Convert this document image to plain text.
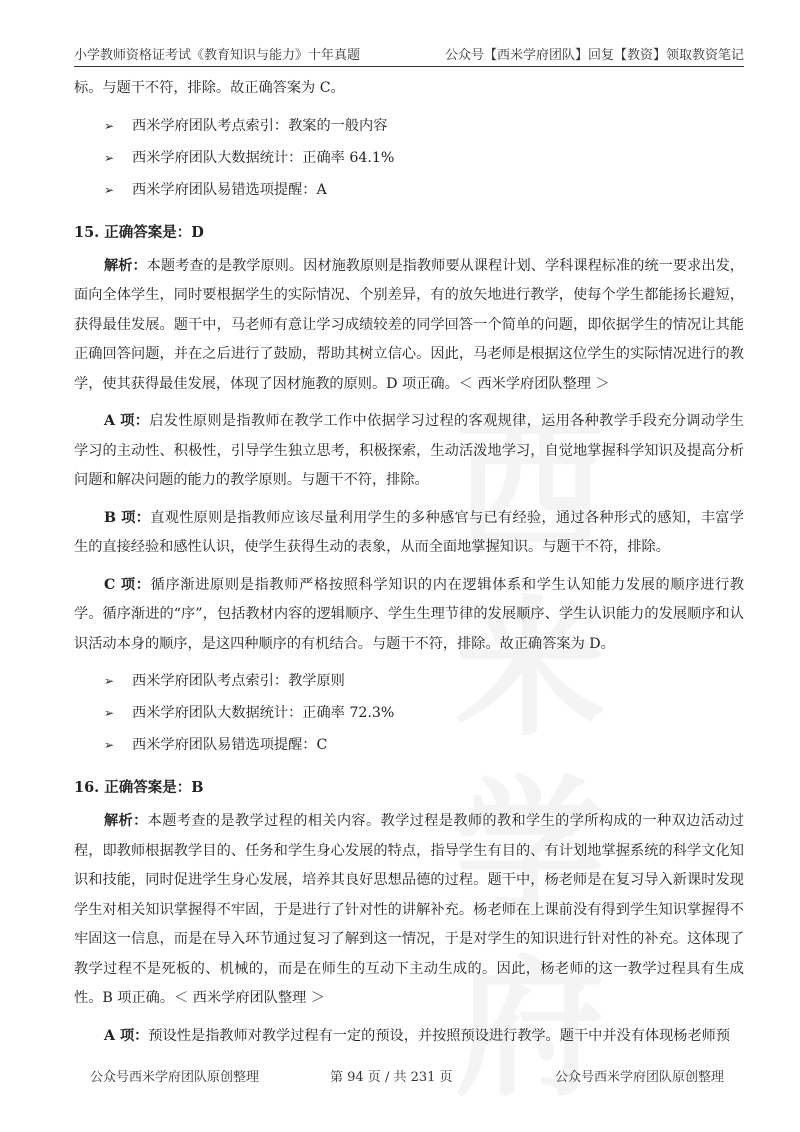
小学教师资格证考试《教育知识与能力》十年真题	公众号【西米学府团队】回复【教资】领取教资笔记
西米学府

标。与题干不符，排除。故正确答案为 C。

➢ 西米学府团队考点索引：教案的一般内容
➢ 西米学府团队大数据统计：正确率 64.1%
➢ 西米学府团队易错选项提醒：A
15. 正确答案是：D

解析：本题考查的是教学原则。因材施教原则是指教师要从课程计划、学科课程标准的统一要求出发，面向全体学生，同时要根据学生的实际情况、个别差异，有的放矢地进行教学，使每个学生都能扬长避短，获得最佳发展。题干中，马老师有意让学习成绩较差的同学回答一个简单的问题，即依据学生的情况让其能正确回答问题，并在之后进行了鼓励，帮助其树立信心。因此，马老师是根据这位学生的实际情况进行的教学，使其获得最佳发展，体现了因材施教的原则。D 项正确。＜ 西米学府团队整理 ＞

A 项：启发性原则是指教师在教学工作中依据学习过程的客观规律，运用各种教学手段充分调动学生学习的主动性、积极性，引导学生独立思考，积极探索，生动活泼地学习，自觉地掌握科学知识及提高分析问题和解决问题的能力的教学原则。与题干不符，排除。

B 项：直观性原则是指教师应该尽量利用学生的多种感官与已有经验，通过各种形式的感知，丰富学生的直接经验和感性认识，使学生获得生动的表象，从而全面地掌握知识。与题干不符，排除。

C 项：循序渐进原则是指教师严格按照科学知识的内在逻辑体系和学生认知能力发展的顺序进行教学。循序渐进的“序”，包括教材内容的逻辑顺序、学生生理节律的发展顺序、学生认识能力的发展顺序和认识活动本身的顺序，是这四种顺序的有机结合。与题干不符，排除。故正确答案为 D。

➢ 西米学府团队考点索引：教学原则
➢ 西米学府团队大数据统计：正确率 72.3%
➢ 西米学府团队易错选项提醒：C
16. 正确答案是：B

解析：本题考查的是教学过程的相关内容。教学过程是教师的教和学生的学所构成的一种双边活动过程，即教师根据教学目的、任务和学生身心发展的特点，指导学生有目的、有计划地掌握系统的科学文化知识和技能，同时促进学生身心发展，培养其良好思想品德的过程。题干中，杨老师是在复习导入新课时发现学生对相关知识掌握得不牢固，于是进行了针对性的讲解补充。杨老师在上课前没有得到学生知识掌握得不牢固这一信息，而是在导入环节通过复习了解到这一情况，于是对学生的知识进行针对性的补充。这体现了教学过程不是死板的、机械的，而是在师生的互动下主动生成的。因此，杨老师的这一教学过程具有生成性。B 项正确。＜ 西米学府团队整理 ＞

A 项：预设性是指教师对教学过程有一定的预设，并按照预设进行教学。题干中并没有体现杨老师预

公众号西米学府团队原创整理	第 94 页 / 共 231 页	公众号西米学府团队原创整理
